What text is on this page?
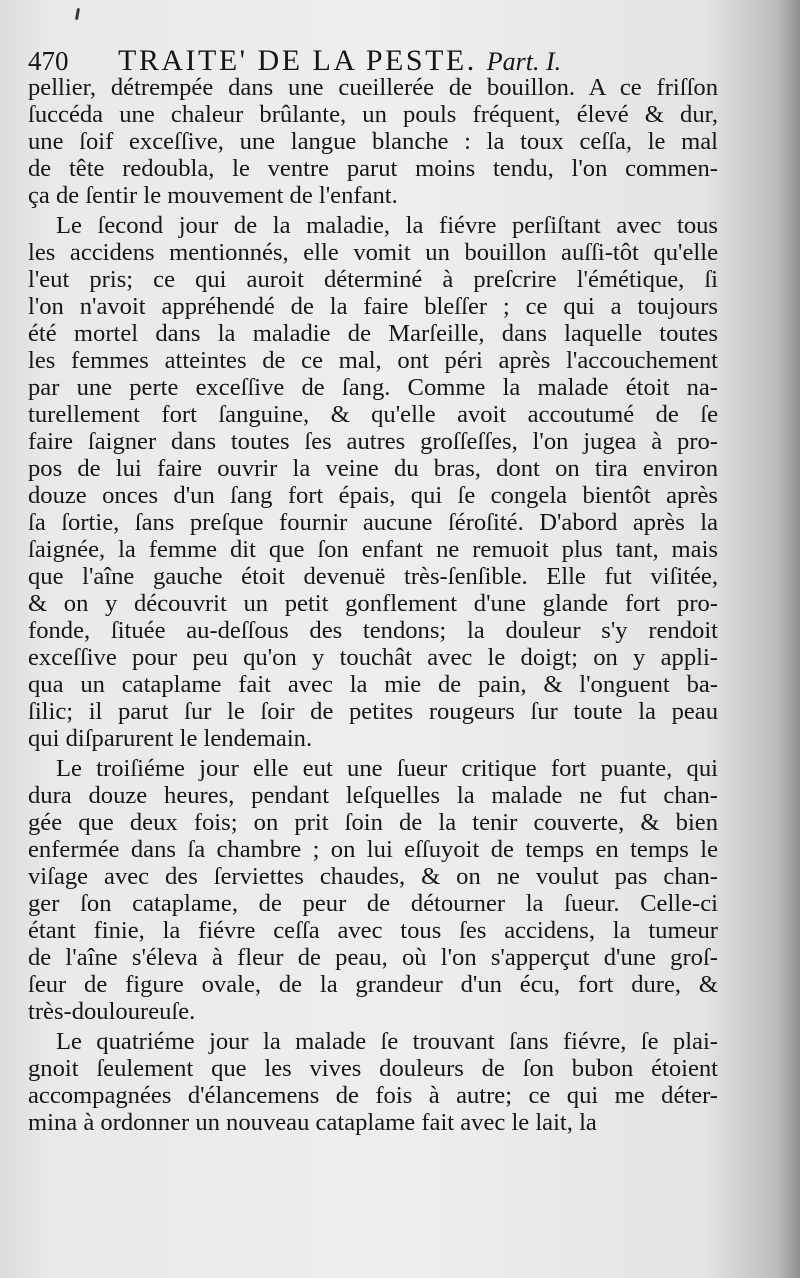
470 TRAITE' DE LA PESTE. Part. I.
pellier, détrempée dans une cueillerée de bouillon. A ce friſſon
ſuccéda une chaleur brûlante, un pouls fréquent, élevé & dur,
une ſoif exceſſive, une langue blanche : la toux ceſſa, le mal
de tête redoubla, le ventre parut moins tendu, l'on commen-
ça de ſentir le mouvement de l'enfant.
Le ſecond jour de la maladie, la fiévre perſiſtant avec tous
les accidens mentionnés, elle vomit un bouillon auſſi-tôt qu'elle
l'eut pris; ce qui auroit déterminé à preſcrire l'émétique, ſi
l'on n'avoit appréhendé de la faire bleſſer ; ce qui a toujours
été mortel dans la maladie de Marſeille, dans laquelle toutes
les femmes atteintes de ce mal, ont péri après l'accouchement
par une perte exceſſive de ſang. Comme la malade étoit na-
turellement fort ſanguine, & qu'elle avoit accoutumé de ſe
faire ſaigner dans toutes ſes autres groſſeſſes, l'on jugea à pro-
pos de lui faire ouvrir la veine du bras, dont on tira environ
douze onces d'un ſang fort épais, qui ſe congela bientôt après
ſa ſortie, ſans preſque fournir aucune ſéroſité. D'abord après la
ſaignée, la femme dit que ſon enfant ne remuoit plus tant, mais
que l'aîne gauche étoit devenuë très-ſenſible. Elle fut viſitée,
& on y découvrit un petit gonflement d'une glande fort pro-
fonde, ſituée au-deſſous des tendons; la douleur s'y rendoit
exceſſive pour peu qu'on y touchât avec le doigt; on y appli-
qua un cataplame fait avec la mie de pain, & l'onguent ba-
ſilic; il parut ſur le ſoir de petites rougeurs ſur toute la peau
qui diſparurent le lendemain.
Le troiſiéme jour elle eut une ſueur critique fort puante, qui
dura douze heures, pendant leſquelles la malade ne fut chan-
gée que deux fois; on prit ſoin de la tenir couverte, & bien
enfermée dans ſa chambre ; on lui eſſuyoit de temps en temps le
viſage avec des ſerviettes chaudes, & on ne voulut pas chan-
ger ſon cataplame, de peur de détourner la ſueur. Celle-ci
étant finie, la fiévre ceſſa avec tous ſes accidens, la tumeur
de l'aîne s'éleva à fleur de peau, où l'on s'apperçut d'une groſ-
ſeur de figure ovale, de la grandeur d'un écu, fort dure, &
très-douloureuſe.
Le quatriéme jour la malade ſe trouvant ſans fiévre, ſe plai-
gnoit ſeulement que les vives douleurs de ſon bubon étoient
accompagnées d'élancemens de fois à autre; ce qui me déter-
mina à ordonner un nouveau cataplame fait avec le lait, la
